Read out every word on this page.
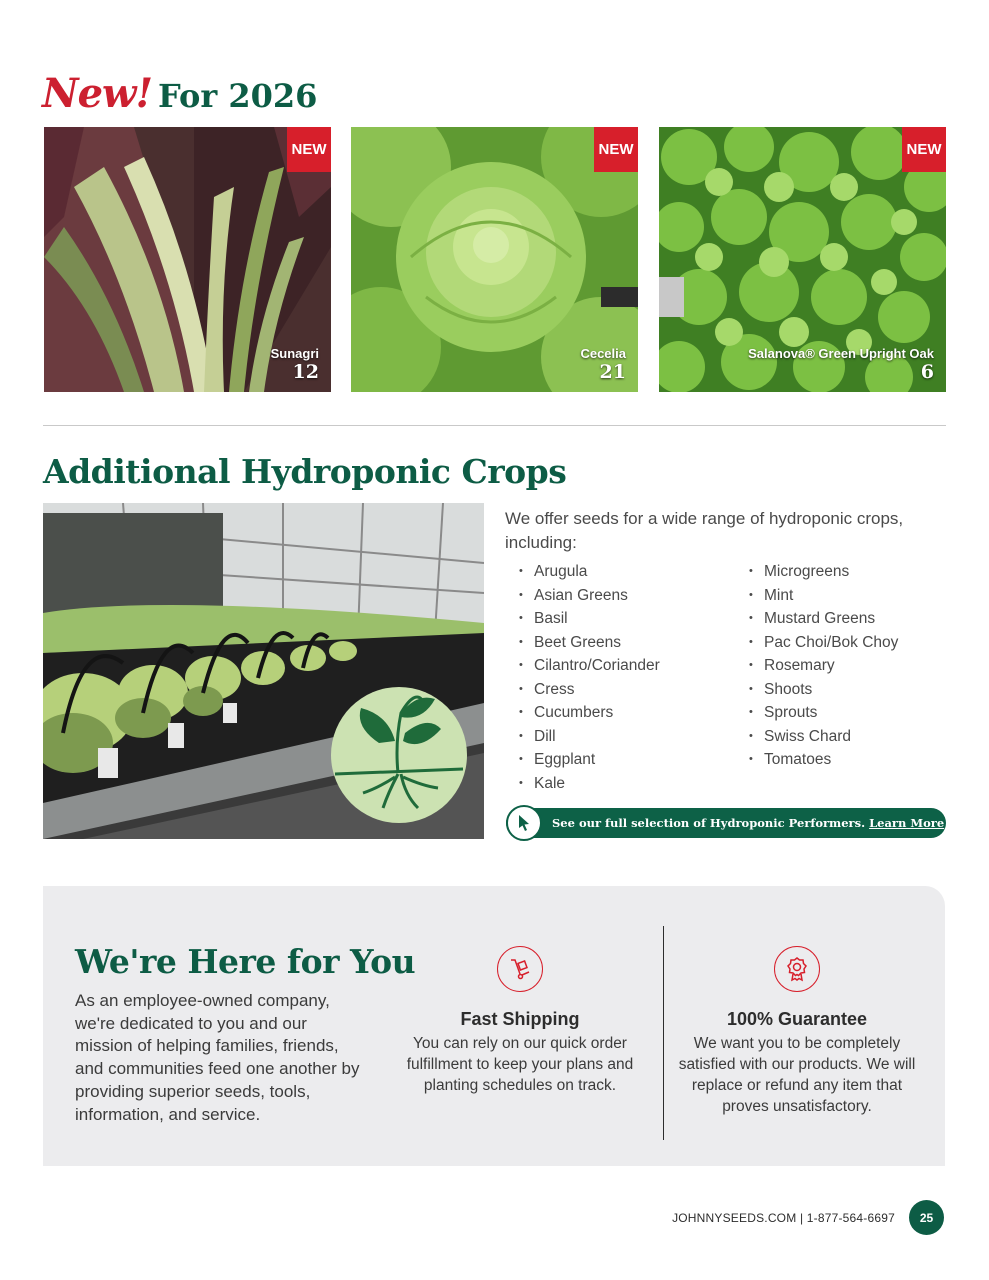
New! For 2026
NEW
Sunagri
12
NEW
Cecelia
21
NEW
Salanova® Green Upright Oak
6
Additional Hydroponic Crops

We offer seeds for a wide range of hydroponic crops, including:

• Arugula
• Asian Greens
• Basil
• Beet Greens
• Cilantro/Coriander
• Cress
• Cucumbers
• Dill
• Eggplant
• Kale
• Microgreens
• Mint
• Mustard Greens
• Pac Choi/Bok Choy
• Rosemary
• Shoots
• Sprouts
• Swiss Chard
• Tomatoes
See our full selection of Hydroponic Performers. Learn More
We're Here for You

As an employee-owned company, we're dedicated to you and our mission of helping families, friends, and communities feed one another by providing superior seeds, tools, information, and service.

Fast Shipping

You can rely on our quick order fulfillment to keep your plans and planting schedules on track.

100% Guarantee

We want you to be completely satisfied with our products. We will replace or refund any item that proves unsatisfactory.

JOHNNYSEEDS.COM | 1-877-564-6697	25
